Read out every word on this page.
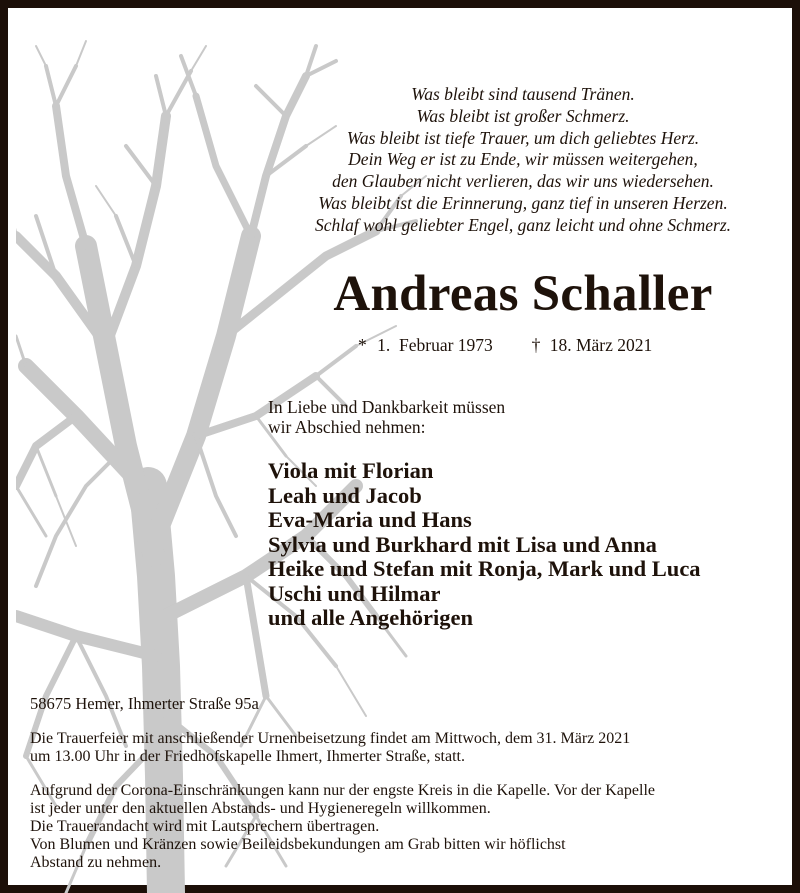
Was bleibt sind tausend Tränen.
Was bleibt ist großer Schmerz.
Was bleibt ist tiefe Trauer, um dich geliebtes Herz.
Dein Weg er ist zu Ende, wir müssen weitergehen,
den Glauben nicht verlieren, das wir uns wiedersehen.
Was bleibt ist die Erinnerung, ganz tief in unseren Herzen.
Schlaf wohl geliebter Engel, ganz leicht und ohne Schmerz.
Andreas Schaller
* 1.  Februar 1973 † 18. März 2021
In Liebe und Dankbarkeit müssen
wir Abschied nehmen:
Viola mit Florian
Leah und Jacob
Eva-Maria und Hans
Sylvia und Burkhard mit Lisa und Anna
Heike und Stefan mit Ronja, Mark und Luca
Uschi und Hilmar
und alle Angehörigen
58675 Hemer, Ihmerter Straße 95a
Die Trauerfeier mit anschließender Urnenbeisetzung findet am Mittwoch, dem 31. März 2021
um 13.00 Uhr in der Friedhofskapelle Ihmert, Ihmerter Straße, statt.
Aufgrund der Corona-Einschränkungen kann nur der engste Kreis in die Kapelle. Vor der Kapelle
ist jeder unter den aktuellen Abstands- und Hygieneregeln willkommen.
Die Trauerandacht wird mit Lautsprechern übertragen.
Von Blumen und Kränzen sowie Beileidsbekundungen am Grab bitten wir höflichst
Abstand zu nehmen.
